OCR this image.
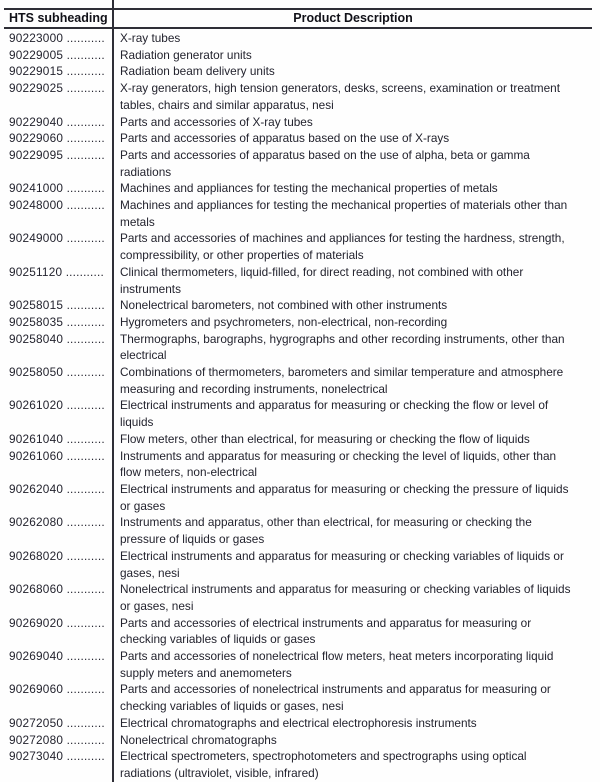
HTS subheading	Product Description
90223000 ...........	X-ray tubes
90229005 ...........	Radiation generator units
90229015 ...........	Radiation beam delivery units
90229025 ...........	X-ray generators, high tension generators, desks, screens, examination or treatment tables, chairs and similar apparatus, nesi
90229040 ...........	Parts and accessories of X-ray tubes
90229060 ...........	Parts and accessories of apparatus based on the use of X-rays
90229095 ...........	Parts and accessories of apparatus based on the use of alpha, beta or gamma radiations
90241000 ...........	Machines and appliances for testing the mechanical properties of metals
90248000 ...........	Machines and appliances for testing the mechanical properties of materials other than metals
90249000 ...........	Parts and accessories of machines and appliances for testing the hardness, strength, compressibility, or other properties of materials
90251120 ...........	Clinical thermometers, liquid-filled, for direct reading, not combined with other instruments
90258015 ...........	Nonelectrical barometers, not combined with other instruments
90258035 ...........	Hygrometers and psychrometers, non-electrical, non-recording
90258040 ...........	Thermographs, barographs, hygrographs and other recording instruments, other than electrical
90258050 ...........	Combinations of thermometers, barometers and similar temperature and atmosphere measuring and recording instruments, nonelectrical
90261020 ...........	Electrical instruments and apparatus for measuring or checking the flow or level of liquids
90261040 ...........	Flow meters, other than electrical, for measuring or checking the flow of liquids
90261060 ...........	Instruments and apparatus for measuring or checking the level of liquids, other than flow meters, non-electrical
90262040 ...........	Electrical instruments and apparatus for measuring or checking the pressure of liquids or gases
90262080 ...........	Instruments and apparatus, other than electrical, for measuring or checking the pressure of liquids or gases
90268020 ...........	Electrical instruments and apparatus for measuring or checking variables of liquids or gases, nesi
90268060 ...........	Nonelectrical instruments and apparatus for measuring or checking variables of liquids or gases, nesi
90269020 ...........	Parts and accessories of electrical instruments and apparatus for measuring or checking variables of liquids or gases
90269040 ...........	Parts and accessories of nonelectrical flow meters, heat meters incorporating liquid supply meters and anemometers
90269060 ...........	Parts and accessories of nonelectrical instruments and apparatus for measuring or checking variables of liquids or gases, nesi
90272050 ...........	Electrical chromatographs and electrical electrophoresis instruments
90272080 ...........	Nonelectrical chromatographs
90273040 ...........	Electrical spectrometers, spectrophotometers and spectrographs using optical radiations (ultraviolet, visible, infrared)
